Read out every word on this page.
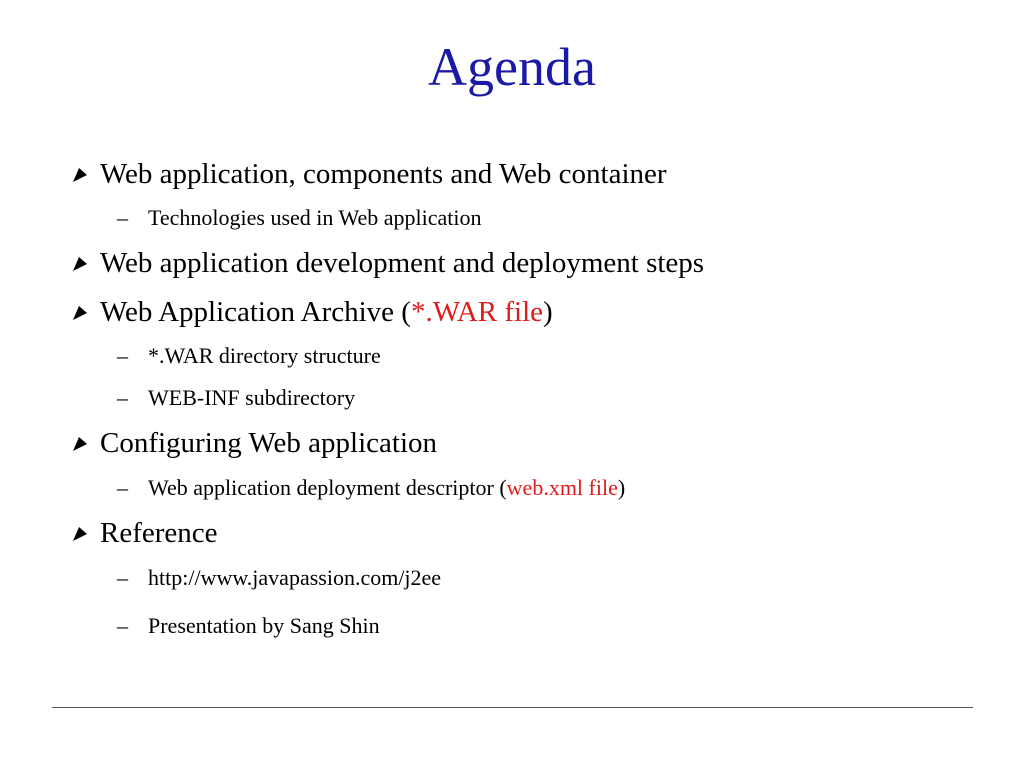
Agenda
Web application, components and Web container
– Technologies used in Web application
Web application development and deployment steps
Web Application Archive (*.WAR file)
– *.WAR directory structure
– WEB-INF subdirectory
Configuring Web application
– Web application deployment descriptor (web.xml file)
Reference
– http://www.javapassion.com/j2ee
– Presentation by Sang Shin
